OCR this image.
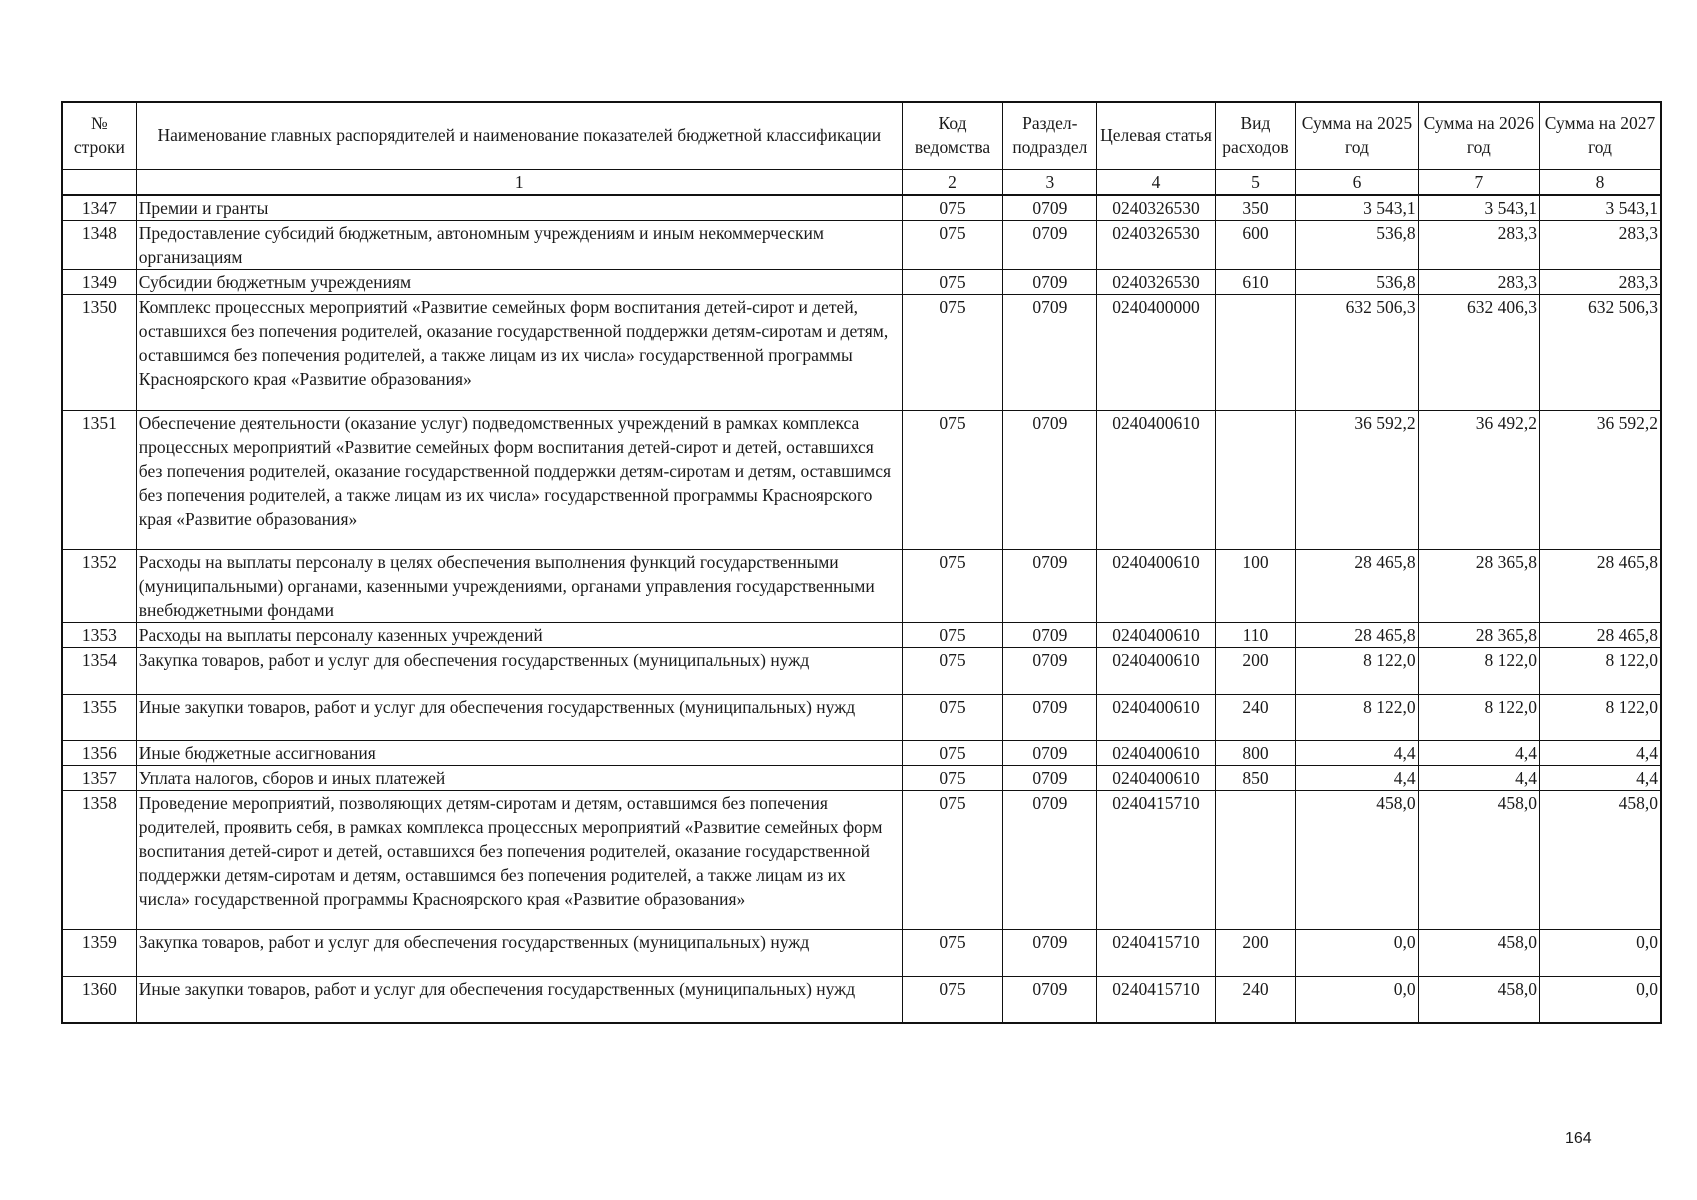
№ строки	Наименование главных распорядителей и наименование показателей бюджетной классификации	Код ведомства	Раздел-подраздел	Целевая статья	Вид расходов	Сумма на 2025 год	Сумма на 2026 год	Сумма на 2027 год
	1	2	3	4	5	6	7	8
1347	Премии и гранты	075	0709	0240326530	350	3 543,1	3 543,1	3 543,1
1348	Предоставление субсидий бюджетным, автономным учреждениям и иным некоммерческим организациям	075	0709	0240326530	600	536,8	283,3	283,3
1349	Субсидии бюджетным учреждениям	075	0709	0240326530	610	536,8	283,3	283,3
1350	Комплекс процессных мероприятий «Развитие семейных форм воспитания детей-сирот и детей, оставшихся без попечения родителей, оказание государственной поддержки детям-сиротам и детям, оставшимся без попечения родителей, а также лицам из их числа» государственной программы Красноярского края «Развитие образования»	075	0709	0240400000		632 506,3	632 406,3	632 506,3
1351	Обеспечение деятельности (оказание услуг) подведомственных учреждений в рамках комплекса процессных мероприятий «Развитие семейных форм воспитания детей-сирот и детей, оставшихся без попечения родителей, оказание государственной поддержки детям-сиротам и детям, оставшимся без попечения родителей, а также лицам из их числа» государственной программы Красноярского края «Развитие образования»	075	0709	0240400610		36 592,2	36 492,2	36 592,2
1352	Расходы на выплаты персоналу в целях обеспечения выполнения функций государственными (муниципальными) органами, казенными учреждениями, органами управления государственными внебюджетными фондами	075	0709	0240400610	100	28 465,8	28 365,8	28 465,8
1353	Расходы на выплаты персоналу казенных учреждений	075	0709	0240400610	110	28 465,8	28 365,8	28 465,8
1354	Закупка товаров, работ и услуг для обеспечения государственных (муниципальных) нужд	075	0709	0240400610	200	8 122,0	8 122,0	8 122,0
1355	Иные закупки товаров, работ и услуг для обеспечения государственных (муниципальных) нужд	075	0709	0240400610	240	8 122,0	8 122,0	8 122,0
1356	Иные бюджетные ассигнования	075	0709	0240400610	800	4,4	4,4	4,4
1357	Уплата налогов, сборов и иных платежей	075	0709	0240400610	850	4,4	4,4	4,4
1358	Проведение мероприятий, позволяющих детям-сиротам и детям, оставшимся без попечения родителей, проявить себя, в рамках комплекса процессных мероприятий «Развитие семейных форм воспитания детей-сирот и детей, оставшихся без попечения родителей, оказание государственной поддержки детям-сиротам и детям, оставшимся без попечения родителей, а также лицам из их числа» государственной программы Красноярского края «Развитие образования»	075	0709	0240415710		458,0	458,0	458,0
1359	Закупка товаров, работ и услуг для обеспечения государственных (муниципальных) нужд	075	0709	0240415710	200	0,0	458,0	0,0
1360	Иные закупки товаров, работ и услуг для обеспечения государственных (муниципальных) нужд	075	0709	0240415710	240	0,0	458,0	0,0
164
